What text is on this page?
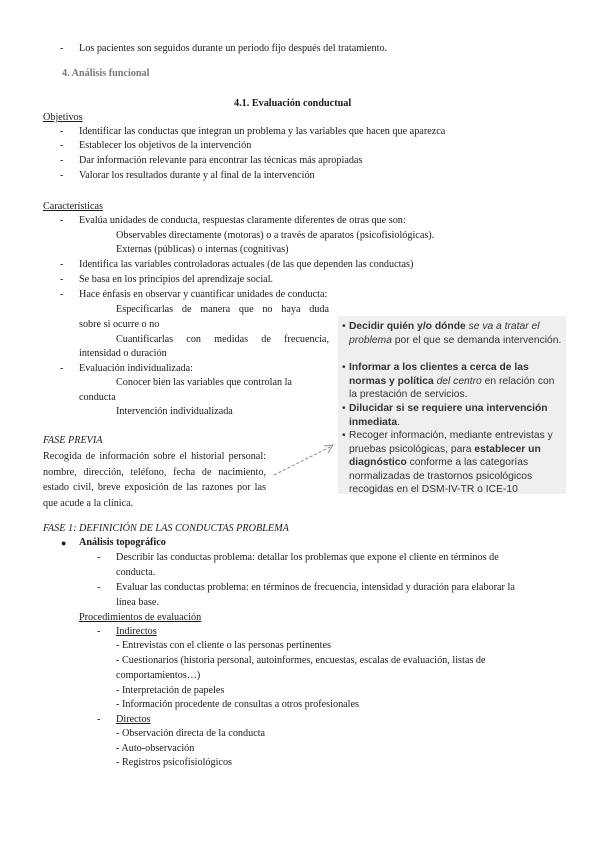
- Los pacientes son seguidos durante un periodo fijo después del tratamiento.
4. Análisis funcional
4.1. Evaluación conductual
Objetivos
- Identificar las conductas que integran un problema y las variables que hacen que aparezca
- Establecer los objetivos de la intervención
- Dar información relevante para encontrar las técnicas más apropiadas
- Valorar los resultados durante y al final de la intervención
Características
- Evalúa unidades de conducta, respuestas claramente diferentes de otras que son:
Observables directamente (motoras) o a través de aparatos (psicofisiológicas).
Externas (públicas) o internas (cognitivas)
- Identifica las variables controladoras actuales (de las que dependen las conductas)
- Se basa en los principios del aprendizaje social.
- Hace énfasis en observar y cuantificar unidades de conducta:
Especificarlas de manera que no haya duda
sobre si ocurre o no
Cuantificarlas con medidas de frecuencia,
intensidad o duración
- Evaluación individualizada:
Conocer bien las variables que controlan la
conducta
Intervención individualizada
FASE PREVIA
Recogida de información sobre el historial personal: nombre, dirección, teléfono, fecha de nacimiento, estado civil, breve exposición de las razones por las que acude a la clínica.
• Decidir quién y/o dónde se va a tratar el problema por el que se demanda intervención.
• Informar a los clientes a cerca de las normas y política del centro en relación con la prestación de servicios.
• Dilucidar si se requiere una intervención inmediata.
• Recoger información, mediante entrevistas y pruebas psicológicas, para establecer un diagnóstico conforme a las categorías normalizadas de trastornos psicológicos recogidas en el DSM-IV-TR o ICE-10
FASE 1: DEFINICIÓN DE LAS CONDUCTAS PROBLEMA
● Análisis topográfico
- Describir las conductas problema: detallar los problemas que expone el cliente en términos de
conducta.
- Evaluar las conductas problema: en términos de frecuencia, intensidad y duración para elaborar la
línea base.
Procedimientos de evaluación
- Indirectos
- Entrevistas con el cliente o las personas pertinentes
- Cuestionarios (historia personal, autoinformes, encuestas, escalas de evaluación, listas de
comportamientos…)
- Interpretación de papeles
- Información procedente de consultas a otros profesionales
- Directos
- Observación directa de la conducta
- Auto-observación
- Registros psicofisiológicos
